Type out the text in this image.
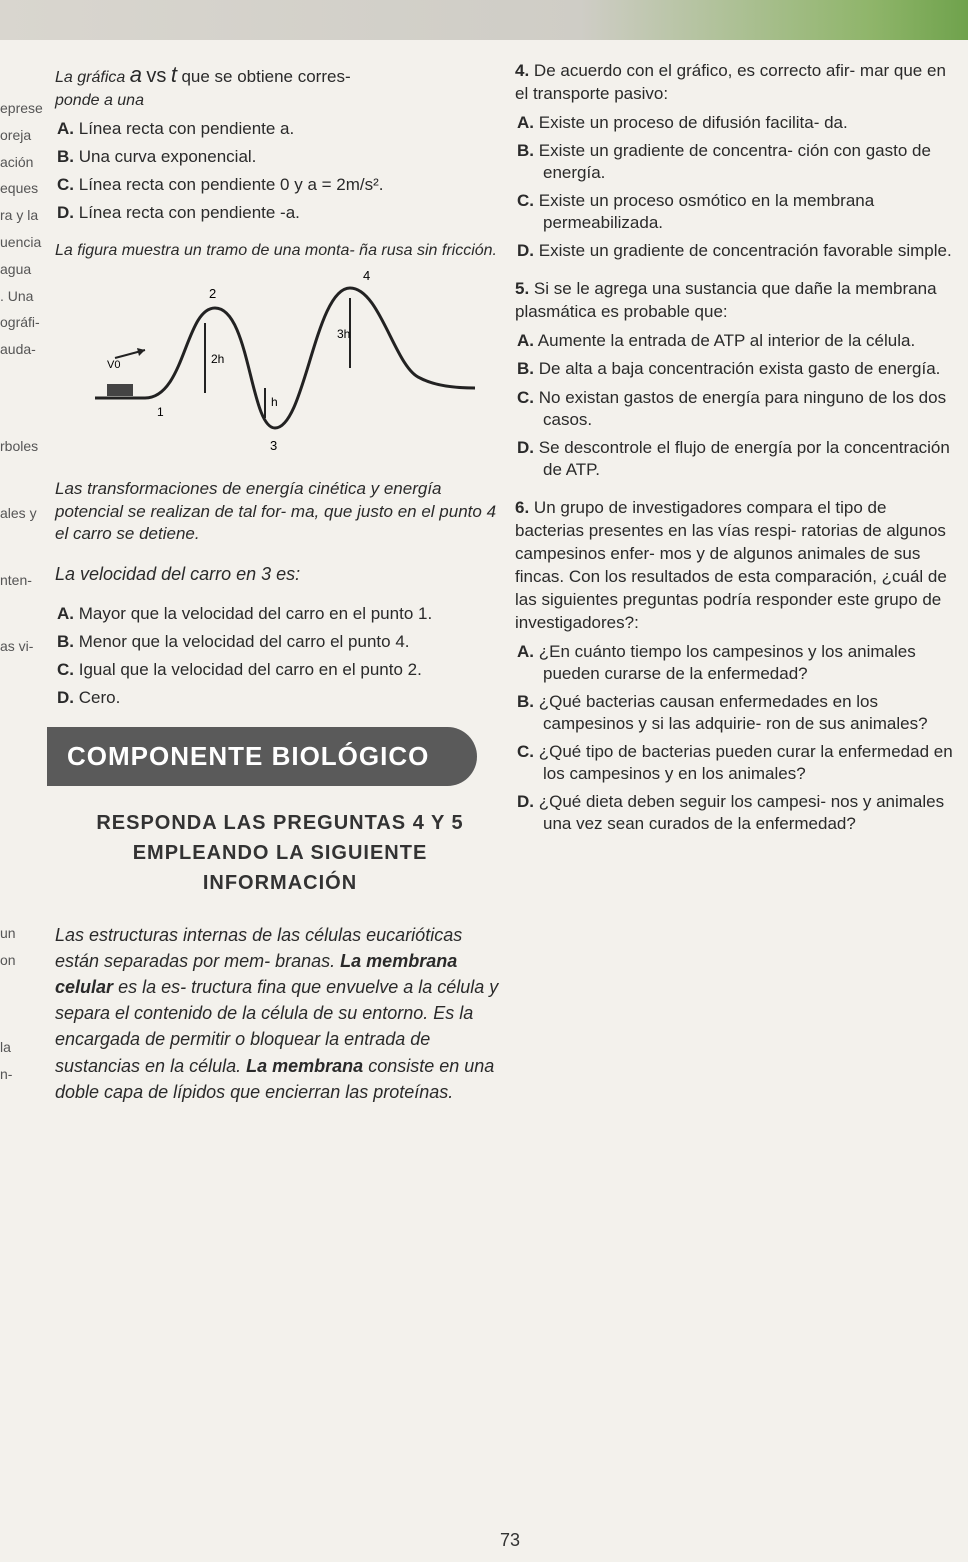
eprese
oreja
ación
eques
ra y la
uencia
agua
. Una
ográfi-
auda-
rboles
ales y
nten-
as vi-
un
on
la
n-
La gráfica a vs t que se obtiene corres-
ponde a una
A. Línea recta con pendiente a.
B. Una curva exponencial.
C. Línea recta con pendiente 0 y a = 2m/s².
D. Línea recta con pendiente -a.
La figura muestra un tramo de una monta- ña rusa sin fricción.
V0
1
2
3
4
2h
3h
h
Las transformaciones de energía cinética y energía potencial se realizan de tal for- ma, que justo en el punto 4 el carro se detiene.
La velocidad del carro en 3 es:
A. Mayor que la velocidad del carro en el punto 1.
B. Menor que la velocidad del carro el punto 4.
C. Igual que la velocidad del carro en el punto 2.
D. Cero.
COMPONENTE BIOLÓGICO
RESPONDA LAS PREGUNTAS 4 Y 5
EMPLEANDO LA SIGUIENTE
INFORMACIÓN
Las estructuras internas de las células eucarióticas están separadas por mem- branas. La membrana celular es la es- tructura fina que envuelve a la célula y separa el contenido de la célula de su entorno. Es la encargada de permitir o bloquear la entrada de sustancias en la célula. La membrana consiste en una doble capa de lípidos que encierran las proteínas.
4. De acuerdo con el gráfico, es correcto afir- mar que en el transporte pasivo:
A. Existe un proceso de difusión facilita- da.
B. Existe un gradiente de concentra- ción con gasto de energía.
C. Existe un proceso osmótico en la membrana permeabilizada.
D. Existe un gradiente de concentración favorable simple.
5. Si se le agrega una sustancia que dañe la membrana plasmática es probable que:
A. Aumente la entrada de ATP al interior de la célula.
B. De alta a baja concentración exista gasto de energía.
C. No existan gastos de energía para ninguno de los dos casos.
D. Se descontrole el flujo de energía por la concentración de ATP.
6. Un grupo de investigadores compara el tipo de bacterias presentes en las vías respi- ratorias de algunos campesinos enfer- mos y de algunos animales de sus fincas. Con los resultados de esta comparación, ¿cuál de las siguientes preguntas podría responder este grupo de investigadores?:
A. ¿En cuánto tiempo los campesinos y los animales pueden curarse de la enfermedad?
B. ¿Qué bacterias causan enfermedades en los campesinos y si las adquirie- ron de sus animales?
C. ¿Qué tipo de bacterias pueden curar la enfermedad en los campesinos y en los animales?
D. ¿Qué dieta deben seguir los campesi- nos y animales una vez sean curados de la enfermedad?
73
